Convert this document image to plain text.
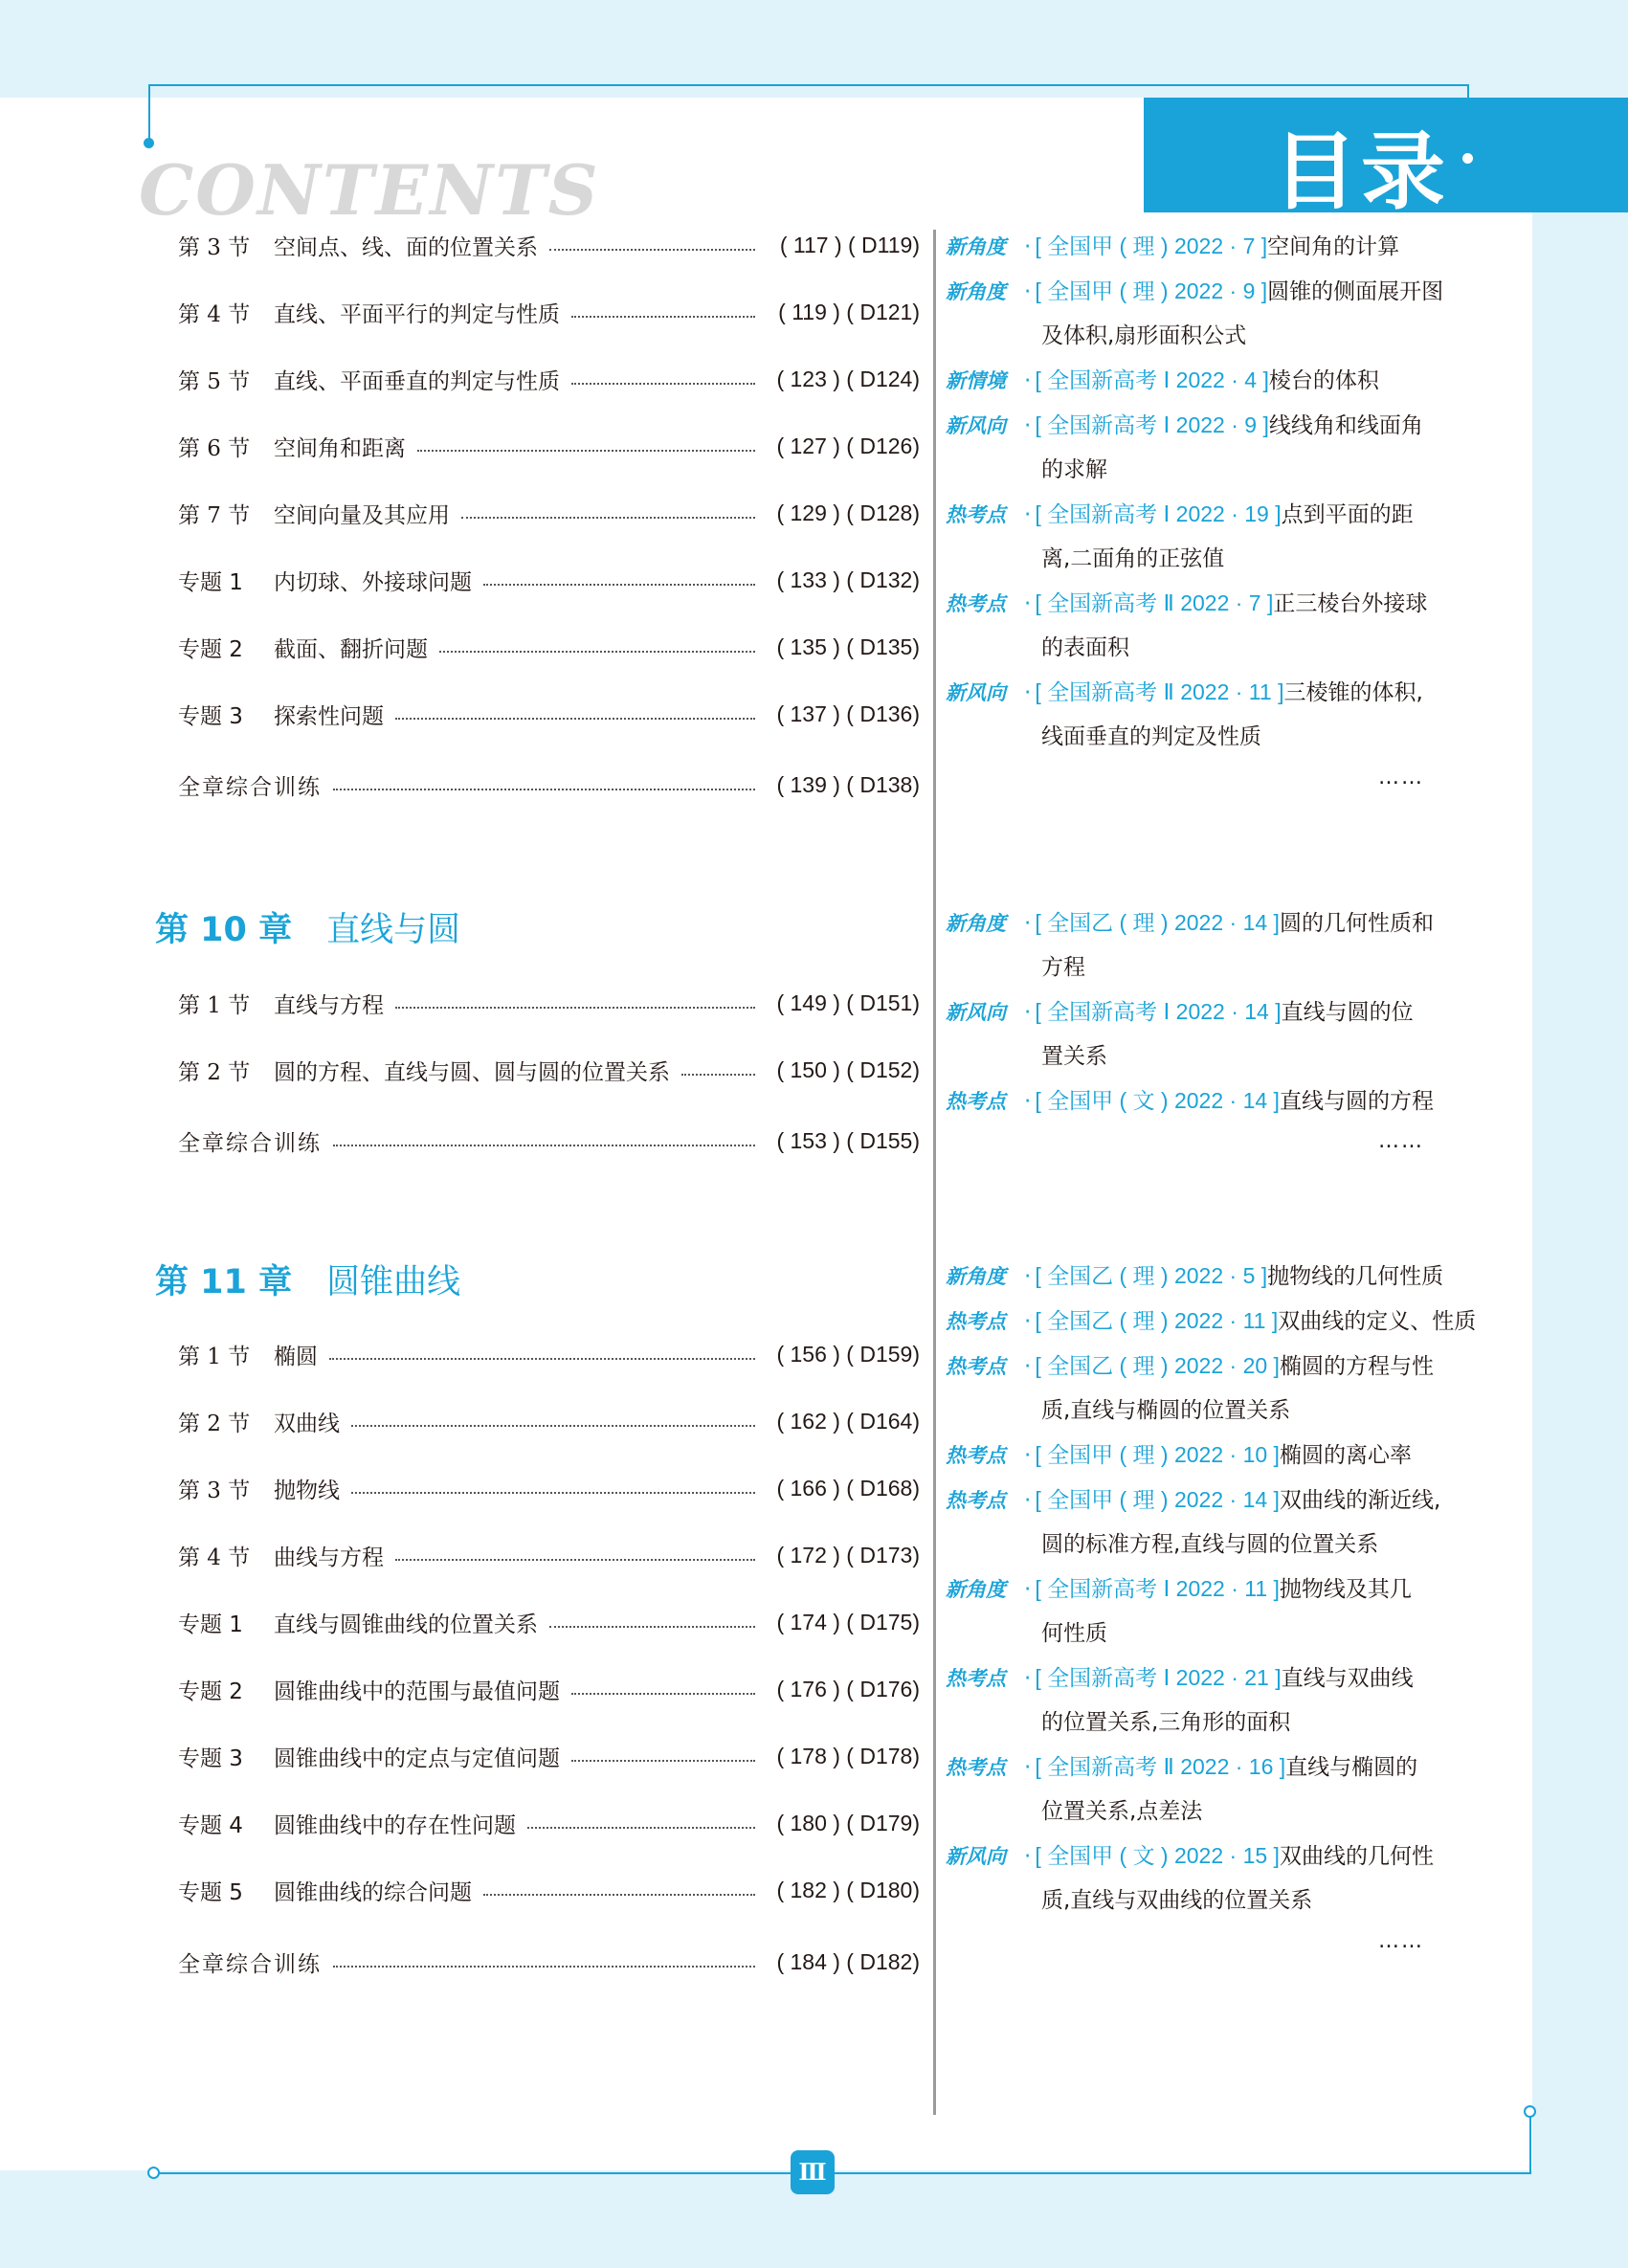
目录
CONTENTS
第 3 节 空间点、线、面的位置关系	( 117 ) ( D119)
第 4 节 直线、平面平行的判定与性质	( 119 ) ( D121)
第 5 节 直线、平面垂直的判定与性质	( 123 ) ( D124)
第 6 节 空间角和距离	( 127 ) ( D126)
第 7 节 空间向量及其应用	( 129 ) ( D128)
专题 1 内切球、外接球问题	( 133 ) ( D132)
专题 2 截面、翻折问题	( 135 ) ( D135)
专题 3 探索性问题	( 137 ) ( D136)
全章综合训练	( 139 ) ( D138)
新角度 · [ 全国甲 ( 理 ) 2022 · 7 ]空间角的计算
新角度 · [ 全国甲 ( 理 ) 2022 · 9 ]圆锥的侧面展开图
及体积,扇形面积公式
新情境 · [ 全国新高考 Ⅰ 2022 · 4 ]棱台的体积
新风向 · [ 全国新高考 Ⅰ 2022 · 9 ]线线角和线面角
的求解
热考点 · [ 全国新高考 Ⅰ 2022 · 19 ]点到平面的距
离,二面角的正弦值
热考点 · [ 全国新高考 Ⅱ 2022 · 7 ]正三棱台外接球
的表面积
新风向 · [ 全国新高考 Ⅱ 2022 · 11 ]三棱锥的体积,
线面垂直的判定及性质
……
第 10 章 直线与圆
第 1 节 直线与方程	( 149 ) ( D151)
第 2 节 圆的方程、直线与圆、圆与圆的位置关系	( 150 ) ( D152)
全章综合训练	( 153 ) ( D155)
新角度 · [ 全国乙 ( 理 ) 2022 · 14 ]圆的几何性质和
方程
新风向 · [ 全国新高考 Ⅰ 2022 · 14 ]直线与圆的位
置关系
热考点 · [ 全国甲 ( 文 ) 2022 · 14 ]直线与圆的方程
……
第 11 章 圆锥曲线
第 1 节 椭圆	( 156 ) ( D159)
第 2 节 双曲线	( 162 ) ( D164)
第 3 节 抛物线	( 166 ) ( D168)
第 4 节 曲线与方程	( 172 ) ( D173)
专题 1 直线与圆锥曲线的位置关系	( 174 ) ( D175)
专题 2 圆锥曲线中的范围与最值问题	( 176 ) ( D176)
专题 3 圆锥曲线中的定点与定值问题	( 178 ) ( D178)
专题 4 圆锥曲线中的存在性问题	( 180 ) ( D179)
专题 5 圆锥曲线的综合问题	( 182 ) ( D180)
全章综合训练	( 184 ) ( D182)
新角度 · [ 全国乙 ( 理 ) 2022 · 5 ]抛物线的几何性质
热考点 · [ 全国乙 ( 理 ) 2022 · 11 ]双曲线的定义、性质
热考点 · [ 全国乙 ( 理 ) 2022 · 20 ]椭圆的方程与性
质,直线与椭圆的位置关系
热考点 · [ 全国甲 ( 理 ) 2022 · 10 ]椭圆的离心率
热考点 · [ 全国甲 ( 理 ) 2022 · 14 ]双曲线的渐近线,
圆的标准方程,直线与圆的位置关系
新角度 · [ 全国新高考 Ⅰ 2022 · 11 ]抛物线及其几
何性质
热考点 · [ 全国新高考 Ⅰ 2022 · 21 ]直线与双曲线
的位置关系,三角形的面积
热考点 · [ 全国新高考 Ⅱ 2022 · 16 ]直线与椭圆的
位置关系,点差法
新风向 · [ 全国甲 ( 文 ) 2022 · 15 ]双曲线的几何性
质,直线与双曲线的位置关系
……
Ⅲ
